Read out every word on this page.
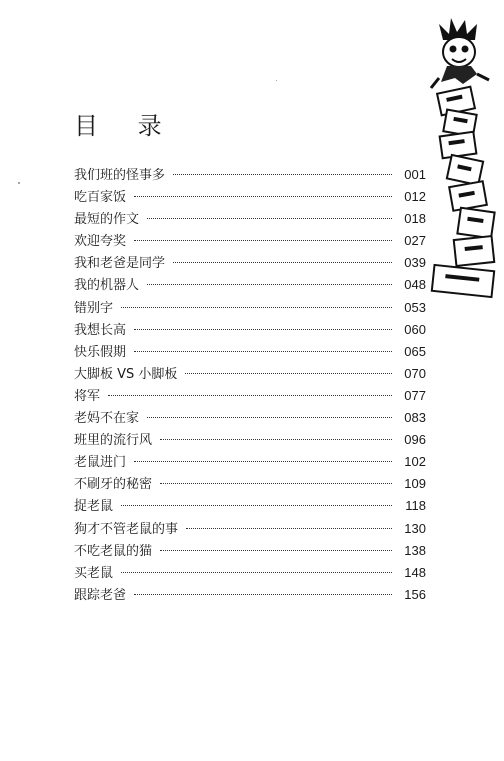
目 录
我们班的怪事多	001
吃百家饭	012
最短的作文	018
欢迎夸奖	027
我和老爸是同学	039
我的机器人	048
错别字	053
我想长高	060
快乐假期	065
大脚板 VS 小脚板	070
将军	077
老妈不在家	083
班里的流行风	096
老鼠进门	102
不刷牙的秘密	109
捉老鼠	118
狗才不管老鼠的事	130
不吃老鼠的猫	138
买老鼠	148
跟踪老爸	156
